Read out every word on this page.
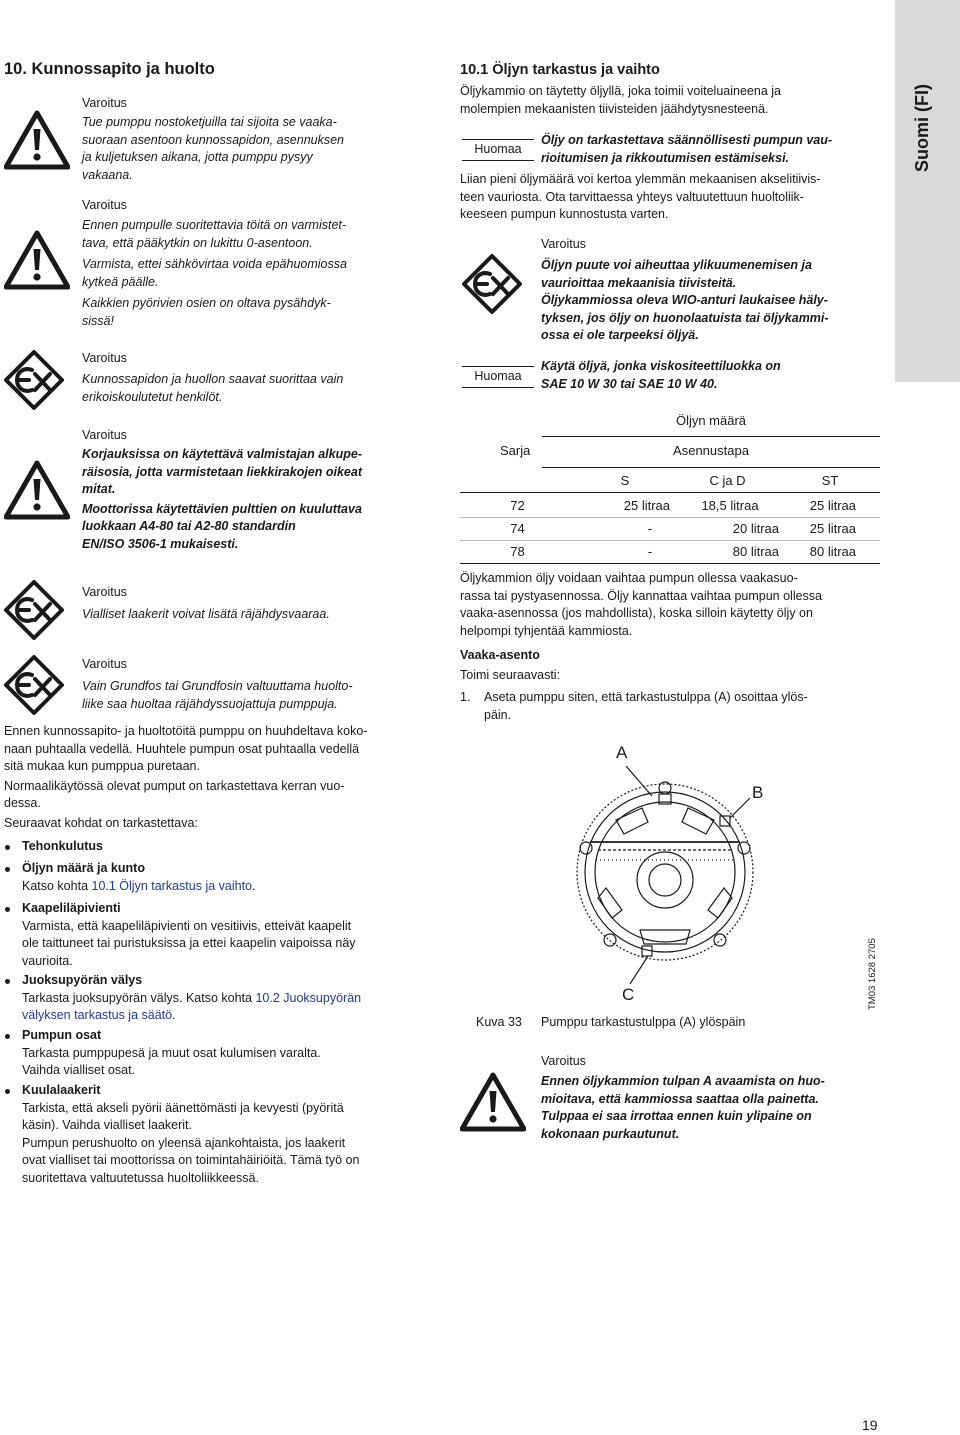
Suomi (FI)
10. Kunnossapito ja huolto
Varoitus
Tue pumppu nostoketjuilla tai sijoita se vaaka-
suoraan asentoon kunnossapidon, asennuksen
ja kuljetuksen aikana, jotta pumppu pysyy
vakaana.
Varoitus
Ennen pumpulle suoritettavia töitä on varmistet-
tava, että pääkytkin on lukittu 0-asentoon.
Varmista, ettei sähkövirtaa voida epähuomiossa
kytkeä päälle.
Kaikkien pyörivien osien on oltava pysähdyk-
sissä!
Varoitus
Kunnossapidon ja huollon saavat suorittaa vain
erikoiskoulutetut henkilöt.
Varoitus
Korjauksissa on käytettävä valmistajan alkupe-
räisosia, jotta varmistetaan liekkirakojen oikeat
mitat.
Moottorissa käytettävien pulttien on kuuluttava
luokkaan A4-80 tai A2-80 standardin
EN/ISO 3506-1 mukaisesti.
Varoitus
Vialliset laakerit voivat lisätä räjähdysvaaraa.
Varoitus
Vain Grundfos tai Grundfosin valtuuttama huolto-
liike saa huoltaa räjähdyssuojattuja pumppuja.
Ennen kunnossapito- ja huoltotöitä pumppu on huuhdeltava koko-
naan puhtaalla vedellä. Huuhtele pumpun osat puhtaalla vedellä
sitä mukaa kun pumppua puretaan.
Normaalikäytössä olevat pumput on tarkastettava kerran vuo-
dessa.
Seuraavat kohdat on tarkastettava:
Tehonkulutus
Öljyn määrä ja kunto
Katso kohta 10.1 Öljyn tarkastus ja vaihto.
Kaapeliläpivienti
Varmista, että kaapeliläpivienti on vesitiivis, etteivät kaapelit
ole taittuneet tai puristuksissa ja ettei kaapelin vaipoissa näy
vaurioita.
Juoksupyörän välys
Tarkasta juoksupyörän välys. Katso kohta 10.2 Juoksupyörän
välyksen tarkastus ja säätö.
Pumpun osat
Tarkasta pumppupesä ja muut osat kulumisen varalta.
Vaihda vialliset osat.
Kuulalaakerit
Tarkista, että akseli pyörii äänettömästi ja kevyesti (pyöritä
käsin). Vaihda vialliset laakerit.
Pumpun perushuolto on yleensä ajankohtaista, jos laakerit
ovat vialliset tai moottorissa on toimintahäiriöitä. Tämä työ on
suoritettava valtuutetussa huoltoliikkeessä.
10.1 Öljyn tarkastus ja vaihto
Öljykammio on täytetty öljyllä, joka toimii voiteluaineena ja
molempien mekaanisten tiivisteiden jäähdytysnesteenä.
Huomaa
Öljy on tarkastettava säännöllisesti pumpun vau-
rioitumisen ja rikkoutumisen estämiseksi.
Liian pieni öljymäärä voi kertoa ylemmän mekaanisen akselitiivis-
teen vauriosta. Ota tarvittaessa yhteys valtuutettuun huoltoliik-
keeseen pumpun kunnostusta varten.
Varoitus
Öljyn puute voi aiheuttaa ylikuumenemisen ja
vaurioittaa mekaanisia tiivisteitä.
Öljykammiossa oleva WIO-anturi laukaisee häly-
tyksen, jos öljy on huonolaatuista tai öljykammi-
ossa ei ole tarpeeksi öljyä.
Huomaa
Käytä öljyä, jonka viskositeettiluokka on
SAE 10 W 30 tai SAE 10 W 40.
Öljyn määrä
Sarja	Asennustapa
S	C ja D	ST
72	25 litraa	18,5 litraa	25 litraa
74	-	20 litraa	25 litraa
78	-	80 litraa	80 litraa
Öljykammion öljy voidaan vaihtaa pumpun ollessa vaakasuo-
rassa tai pystyasennossa. Öljy kannattaa vaihtaa pumpun ollessa
vaaka-asennossa (jos mahdollista), koska silloin käytetty öljy on
helpompi tyhjentää kammiosta.
Vaaka-asento
Toimi seuraavasti:
1. Aseta pumppu siten, että tarkastustulppa (A) osoittaa ylös-
päin.
A
B
C	TM03 1628 2705
Kuva 33 Pumppu tarkastustulppa (A) ylöspäin
Varoitus
Ennen öljykammion tulpan A avaamista on huo-
mioitava, että kammiossa saattaa olla painetta.
Tulppaa ei saa irrottaa ennen kuin ylipaine on
kokonaan purkautunut.
19
